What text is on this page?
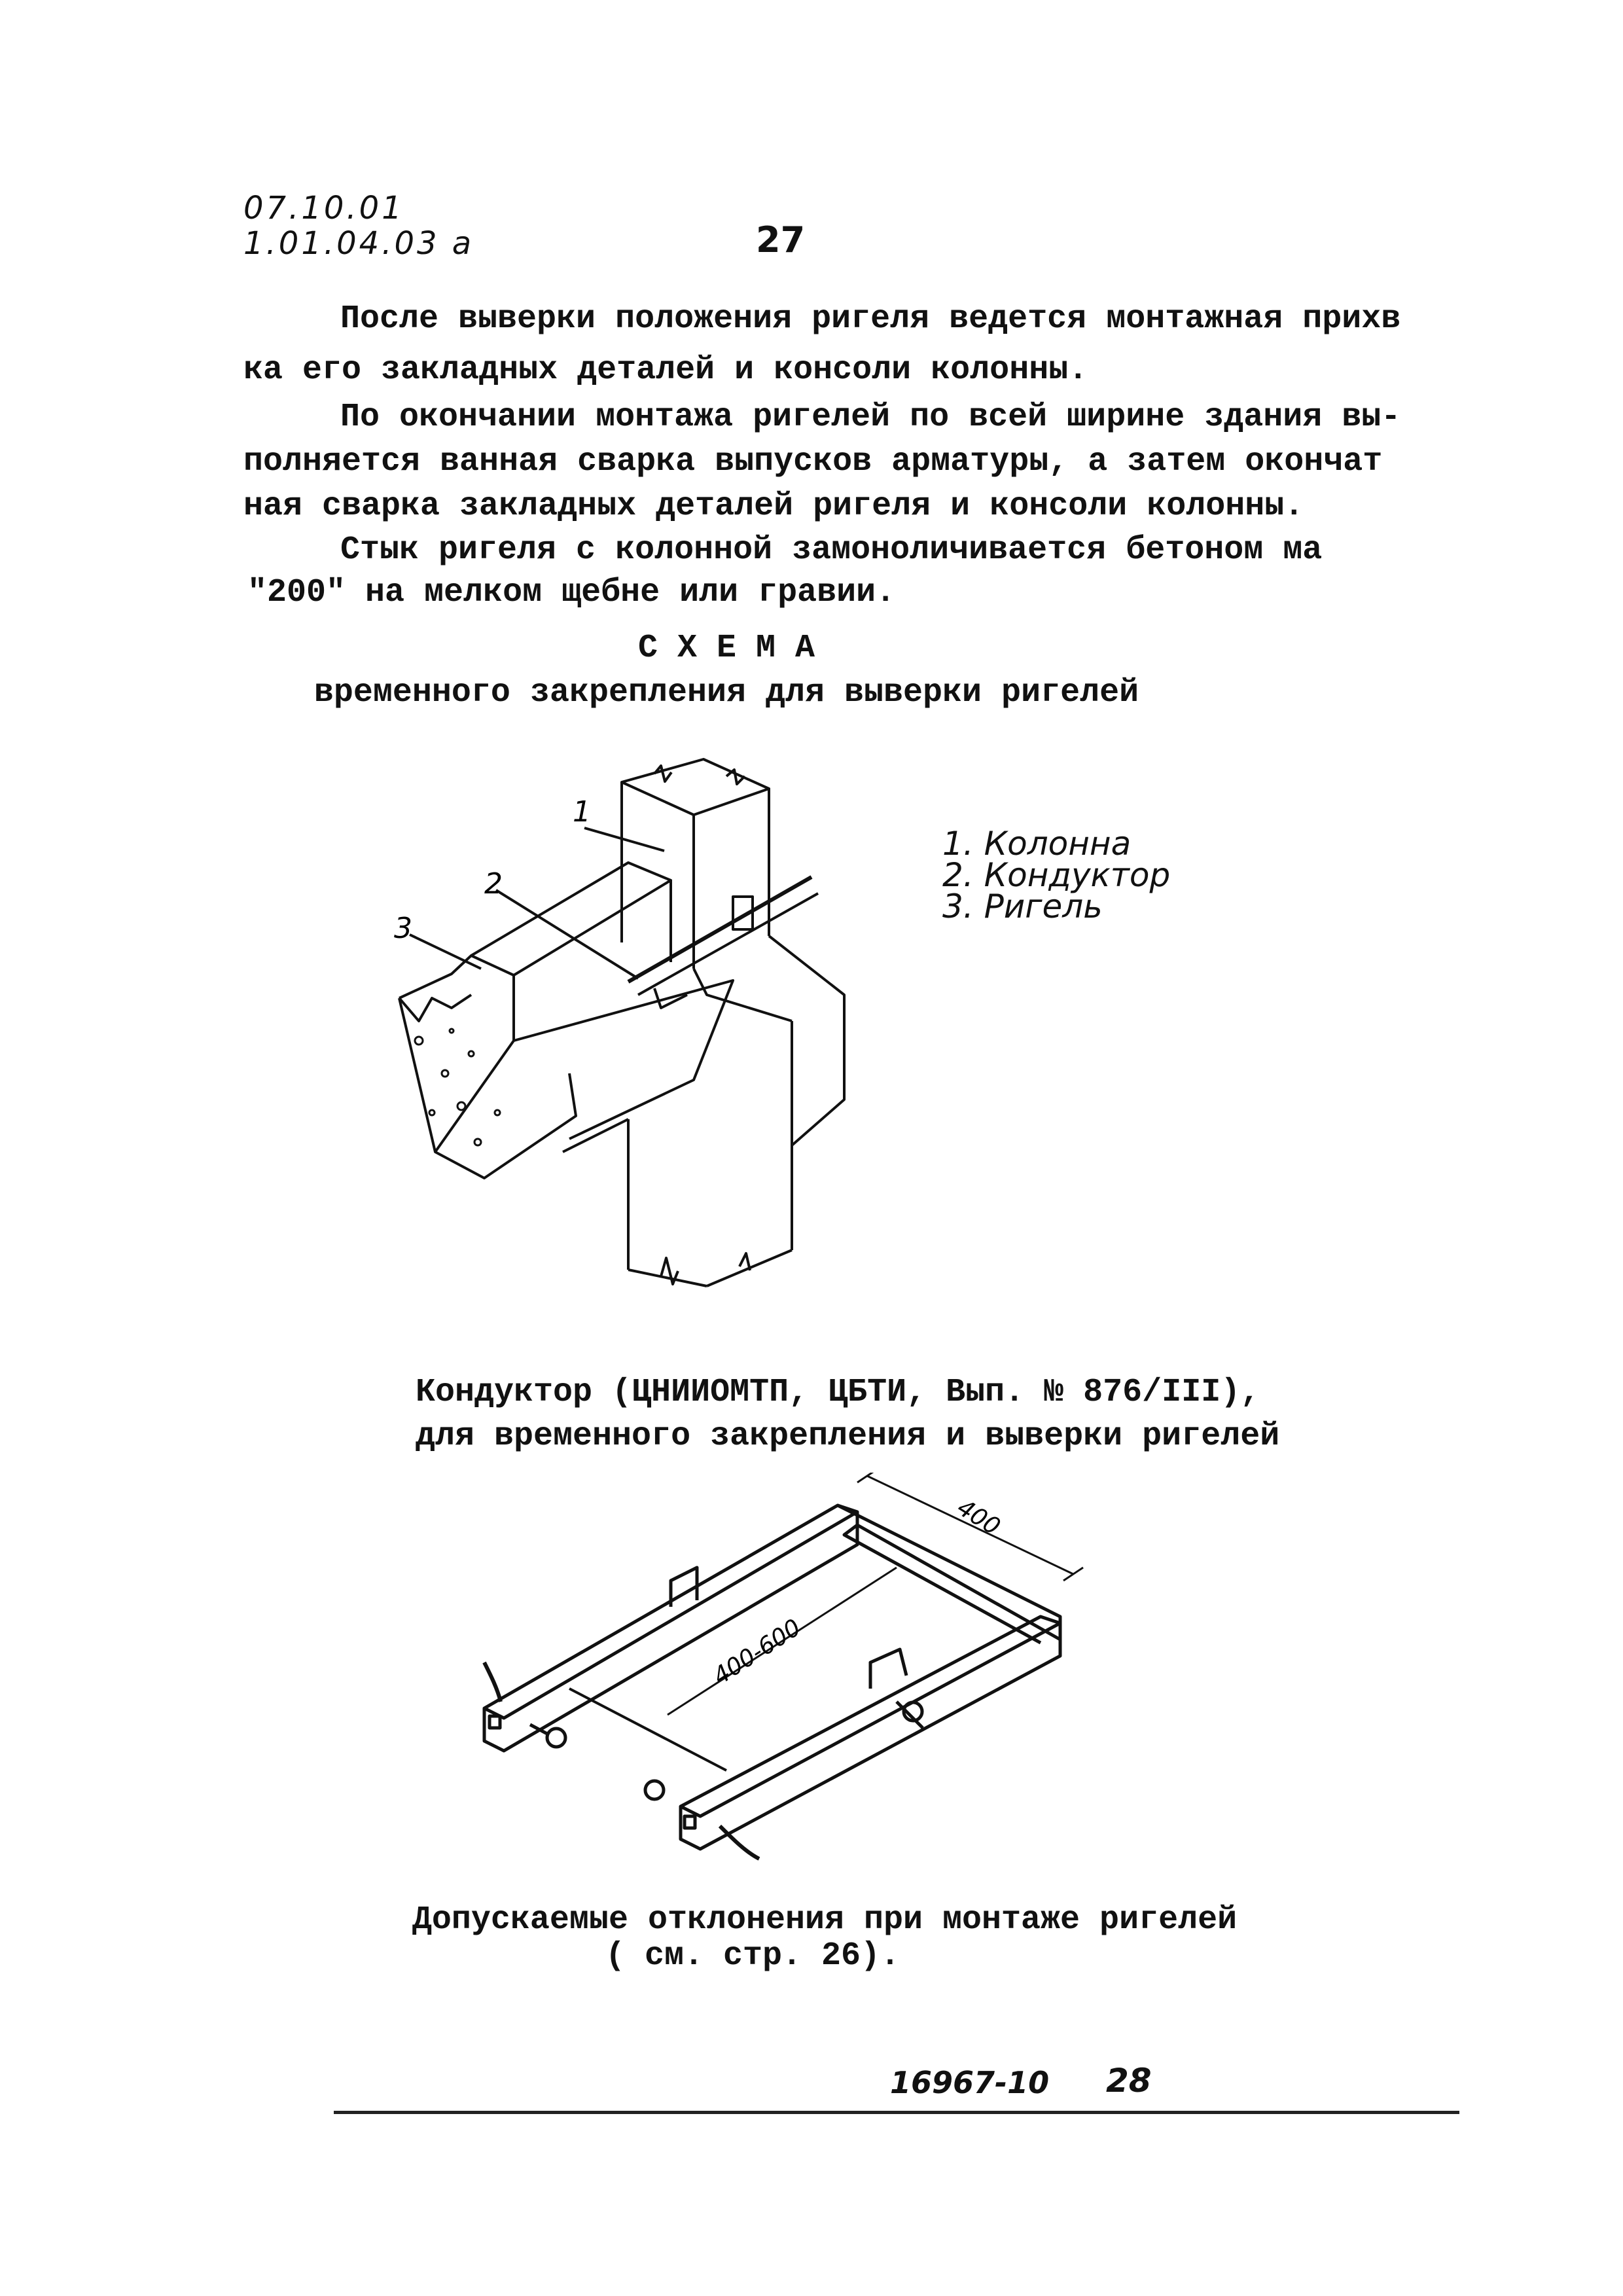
07.10.01
1.01.04.03 а	27
После выверки положения ригеля ведется монтажная прихв
ка его закладных деталей и консоли колонны.
По окончании монтажа ригелей по всей ширине здания вы-
полняется ванная сварка выпусков арматуры, а затем окончат
ная сварка закладных деталей ригеля и консоли колонны.
Стык ригеля с колонной замоноличивается бетоном ма
"200" на мелком щебне или гравии.
С Х Е М А
временного закрепления для выверки ригелей
1. Колонна
2. Кондуктор
3. Ригель
1
2
3
Кондуктор (ЦНИИОМТП, ЦБТИ, Вып. № 876/III),
для временного закрепления и выверки ригелей
400
400-600
Допускаемые отклонения при монтаже ригелей
( см. стр. 26).
16967-10 28
